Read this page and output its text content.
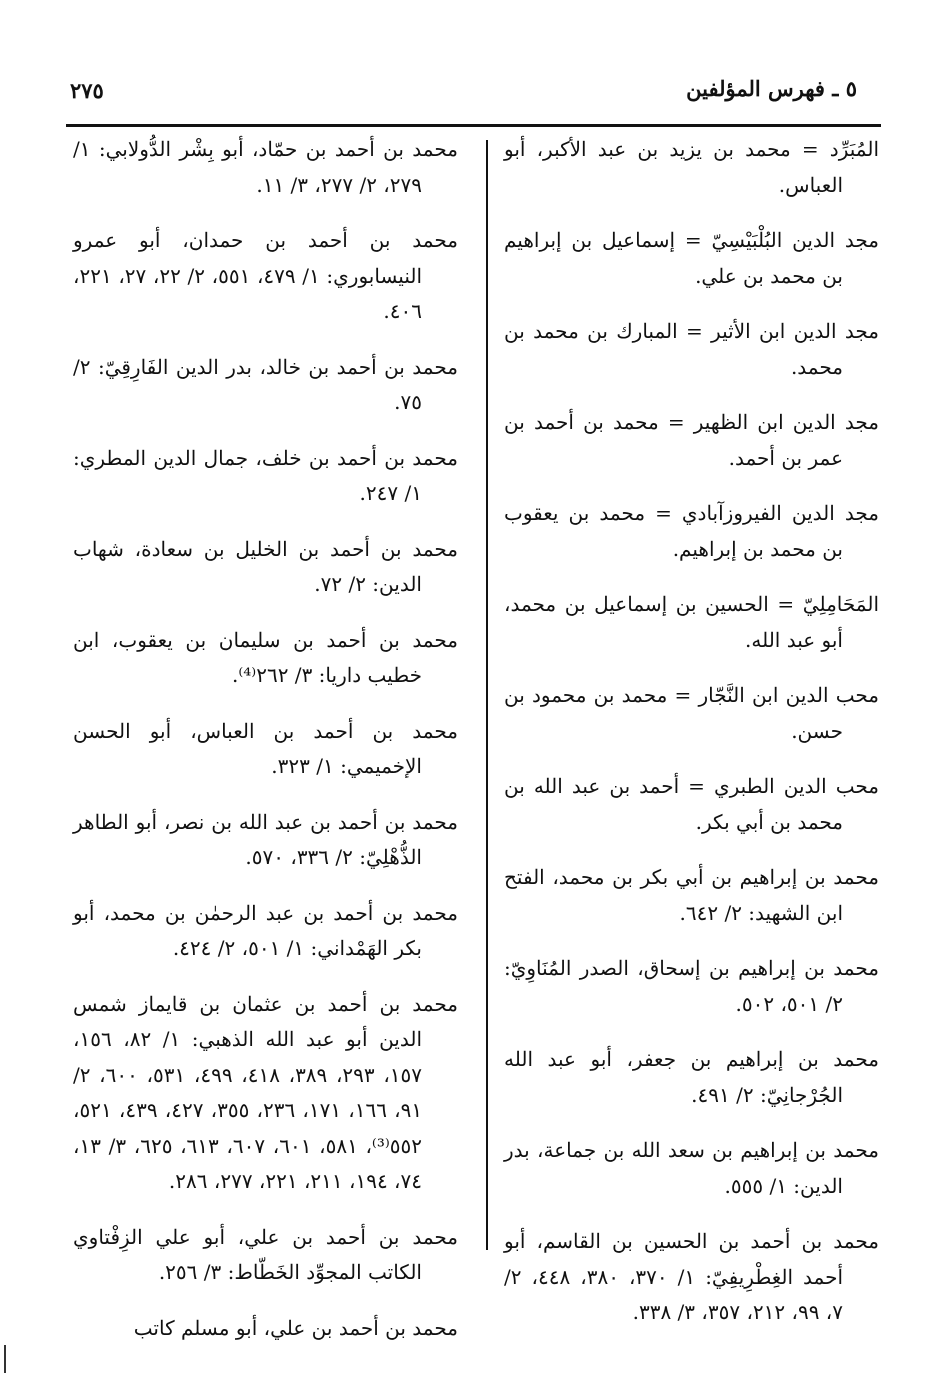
٥ ـ فهرس المؤلفين
٢٧٥

المُبَرِّد = محمد بن يزيد بن عبد الأكبر، أبو العباس.

مجد الدين البُلْبَيْسِيّ = إسماعيل بن إبراهيم بن محمد بن علي.

مجد الدين ابن الأثير = المبارك بن محمد بن محمد.

مجد الدين ابن الظهير = محمد بن أحمد بن عمر بن أحمد.

مجد الدين الفيروزآبادي = محمد بن يعقوب بن محمد بن إبراهيم.

المَحَامِلِيّ = الحسين بن إسماعيل بن محمد، أبو عبد الله.

محب الدين ابن النَّجّار = محمد بن محمود بن حسن.

محب الدين الطبري = أحمد بن عبد الله بن محمد بن أبي بكر.

محمد بن إبراهيم بن أبي بكر بن محمد، الفتح ابن الشهيد: ٢/ ٦٤٢.

محمد بن إبراهيم بن إسحاق، الصدر المُنَاوِيّ: ٢/ ٥٠١، ٥٠٢.

محمد بن إبراهيم بن جعفر، أبو عبد الله الجُرْجانِيّ: ٢/ ٤٩١.

محمد بن إبراهيم بن سعد الله بن جماعة، بدر الدين: ١/ ٥٥٥.

محمد بن أحمد بن الحسين بن القاسم، أبو أحمد الغِطْرِيفِيّ: ١/ ٣٧٠، ٣٨٠، ٤٤٨، ٢/ ٧، ٩٩، ٢١٢، ٣٥٧، ٣/ ٣٣٨.

محمد بن أحمد بن حمّاد، أبو بِشْر الدُّولابي: ١/ ٢٧٩، ٢/ ٢٧٧، ٣/ ١١.

محمد بن أحمد بن حمدان، أبو عمرو النيسابوري: ١/ ٤٧٩، ٥٥١، ٢/ ٢٢، ٢٧، ٢٢١، ٤٠٦.

محمد بن أحمد بن خالد، بدر الدين الفَارِقِيّ: ٢/ ٧٥.

محمد بن أحمد بن خلف، جمال الدين المطري: ١/ ٢٤٧.

محمد بن أحمد بن الخليل بن سعادة، شهاب الدين: ٢/ ٧٢.

محمد بن أحمد بن سليمان بن يعقوب، ابن خطيب داريا: ٣/ ٢٦٢⁽⁴⁾.

محمد بن أحمد بن العباس، أبو الحسن الإخميمي: ١/ ٣٢٣.

محمد بن أحمد بن عبد الله بن نصر، أبو الطاهر الذُّهْلِيّ: ٢/ ٣٣٦، ٥٧٠.

محمد بن أحمد بن عبد الرحمٰن بن محمد، أبو بكر الهَمْداني: ١/ ٥٠١، ٢/ ٤٢٤.

محمد بن أحمد بن عثمان بن قايماز شمس الدين أبو عبد الله الذهبي: ١/ ٨٢، ١٥٦، ١٥٧، ٢٩٣، ٣٨٩، ٤١٨، ٤٩٩، ٥٣١، ٦٠٠، ٢/ ٩١، ١٦٦، ١٧١، ٢٣٦، ٣٥٥، ٤٢٧، ٤٣٩، ٥٢١، ٥٥٢⁽³⁾، ٥٨١، ٦٠١، ٦٠٧، ٦١٣، ٦٢٥، ٣/ ١٣، ٧٤، ١٩٤، ٢١١، ٢٢١، ٢٧٧، ٢٨٦.

محمد بن أحمد بن علي، أبو علي الزِفْتاوي الكاتب المجوِّد الخَطّاط: ٣/ ٢٥٦.

محمد بن أحمد بن علي، أبو مسلم كاتب
